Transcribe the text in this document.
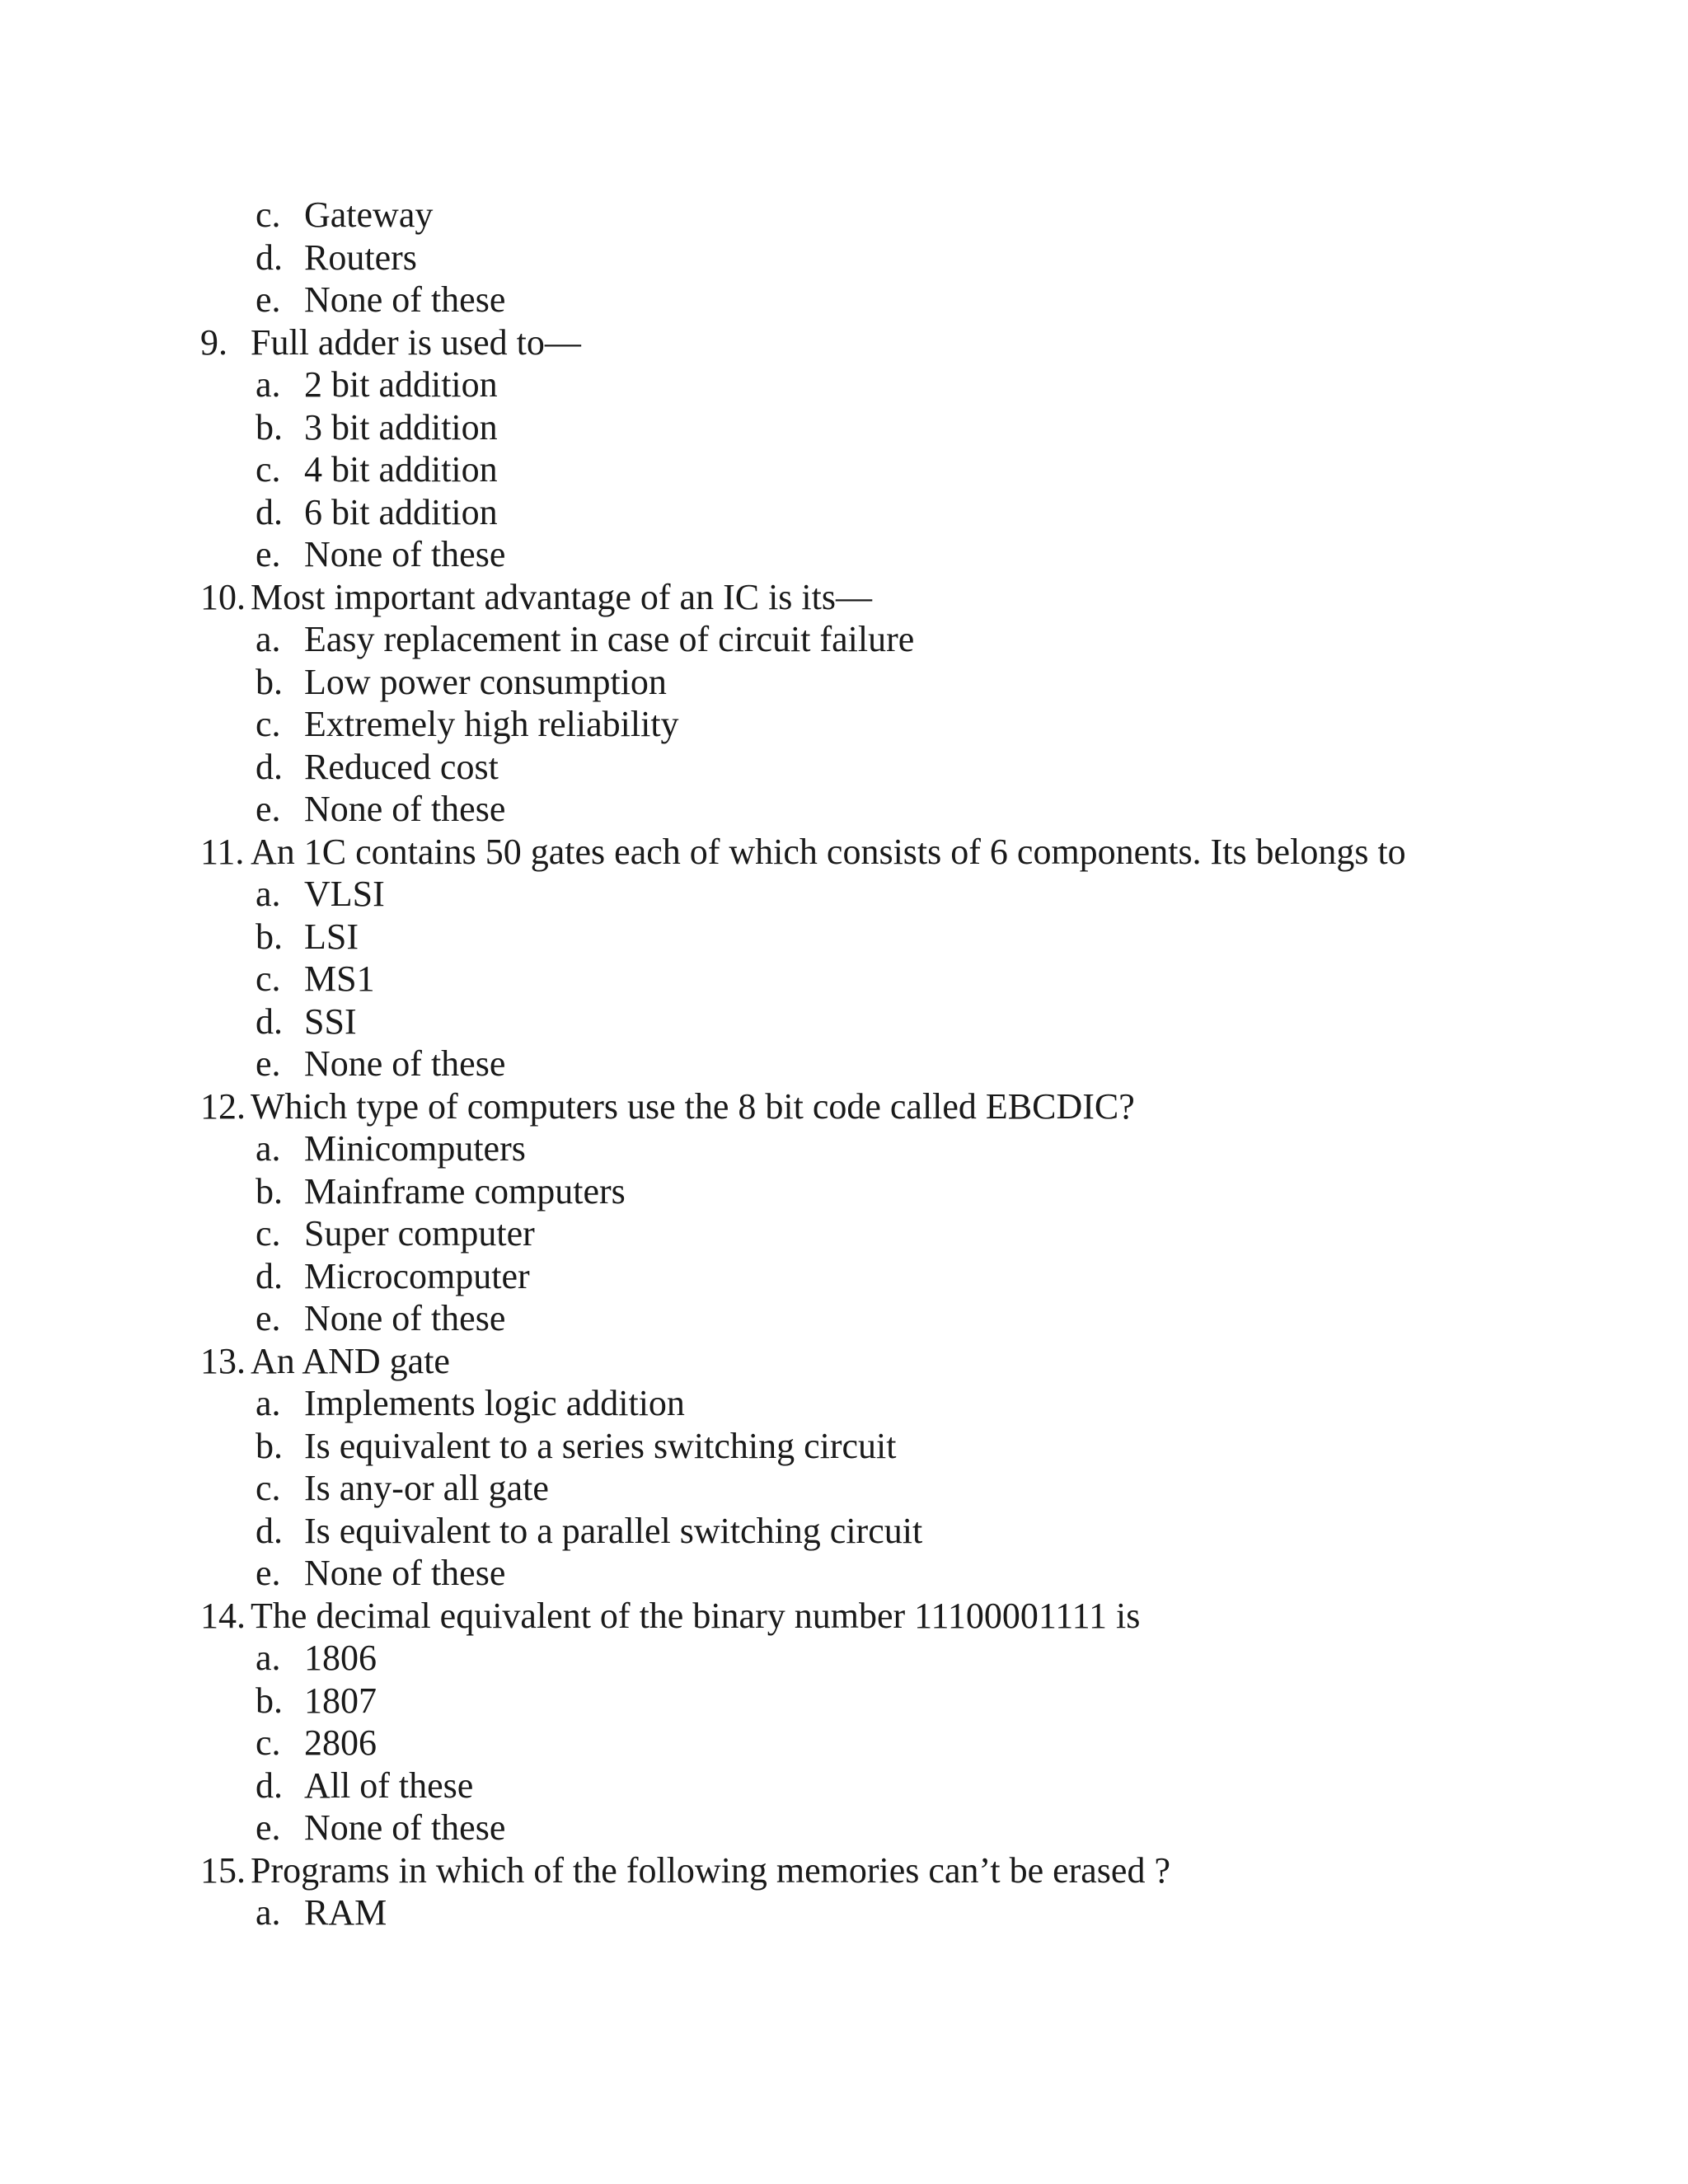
c. Gateway
d. Routers
e. None of these
9. Full adder is used to—
a. 2 bit addition
b. 3 bit addition
c. 4 bit addition
d. 6 bit addition
e. None of these
10. Most important advantage of an IC is its—
a. Easy replacement in case of circuit failure
b. Low power consumption
c. Extremely high reliability
d. Reduced cost
e. None of these
11. An 1C contains 50 gates each of which consists of 6 components. Its belongs to
a. VLSI
b. LSI
c. MS1
d. SSI
e. None of these
12. Which type of computers use the 8 bit code called EBCDIC?
a. Minicomputers
b. Mainframe computers
c. Super computer
d. Microcomputer
e. None of these
13. An AND gate
a. Implements logic addition
b. Is equivalent to a series switching circuit
c. Is any-or all gate
d. Is equivalent to a parallel switching circuit
e. None of these
14. The decimal equivalent of the binary number 11100001111 is
a. 1806
b. 1807
c. 2806
d. All of these
e. None of these
15. Programs in which of the following memories can’t be erased ?
a. RAM
